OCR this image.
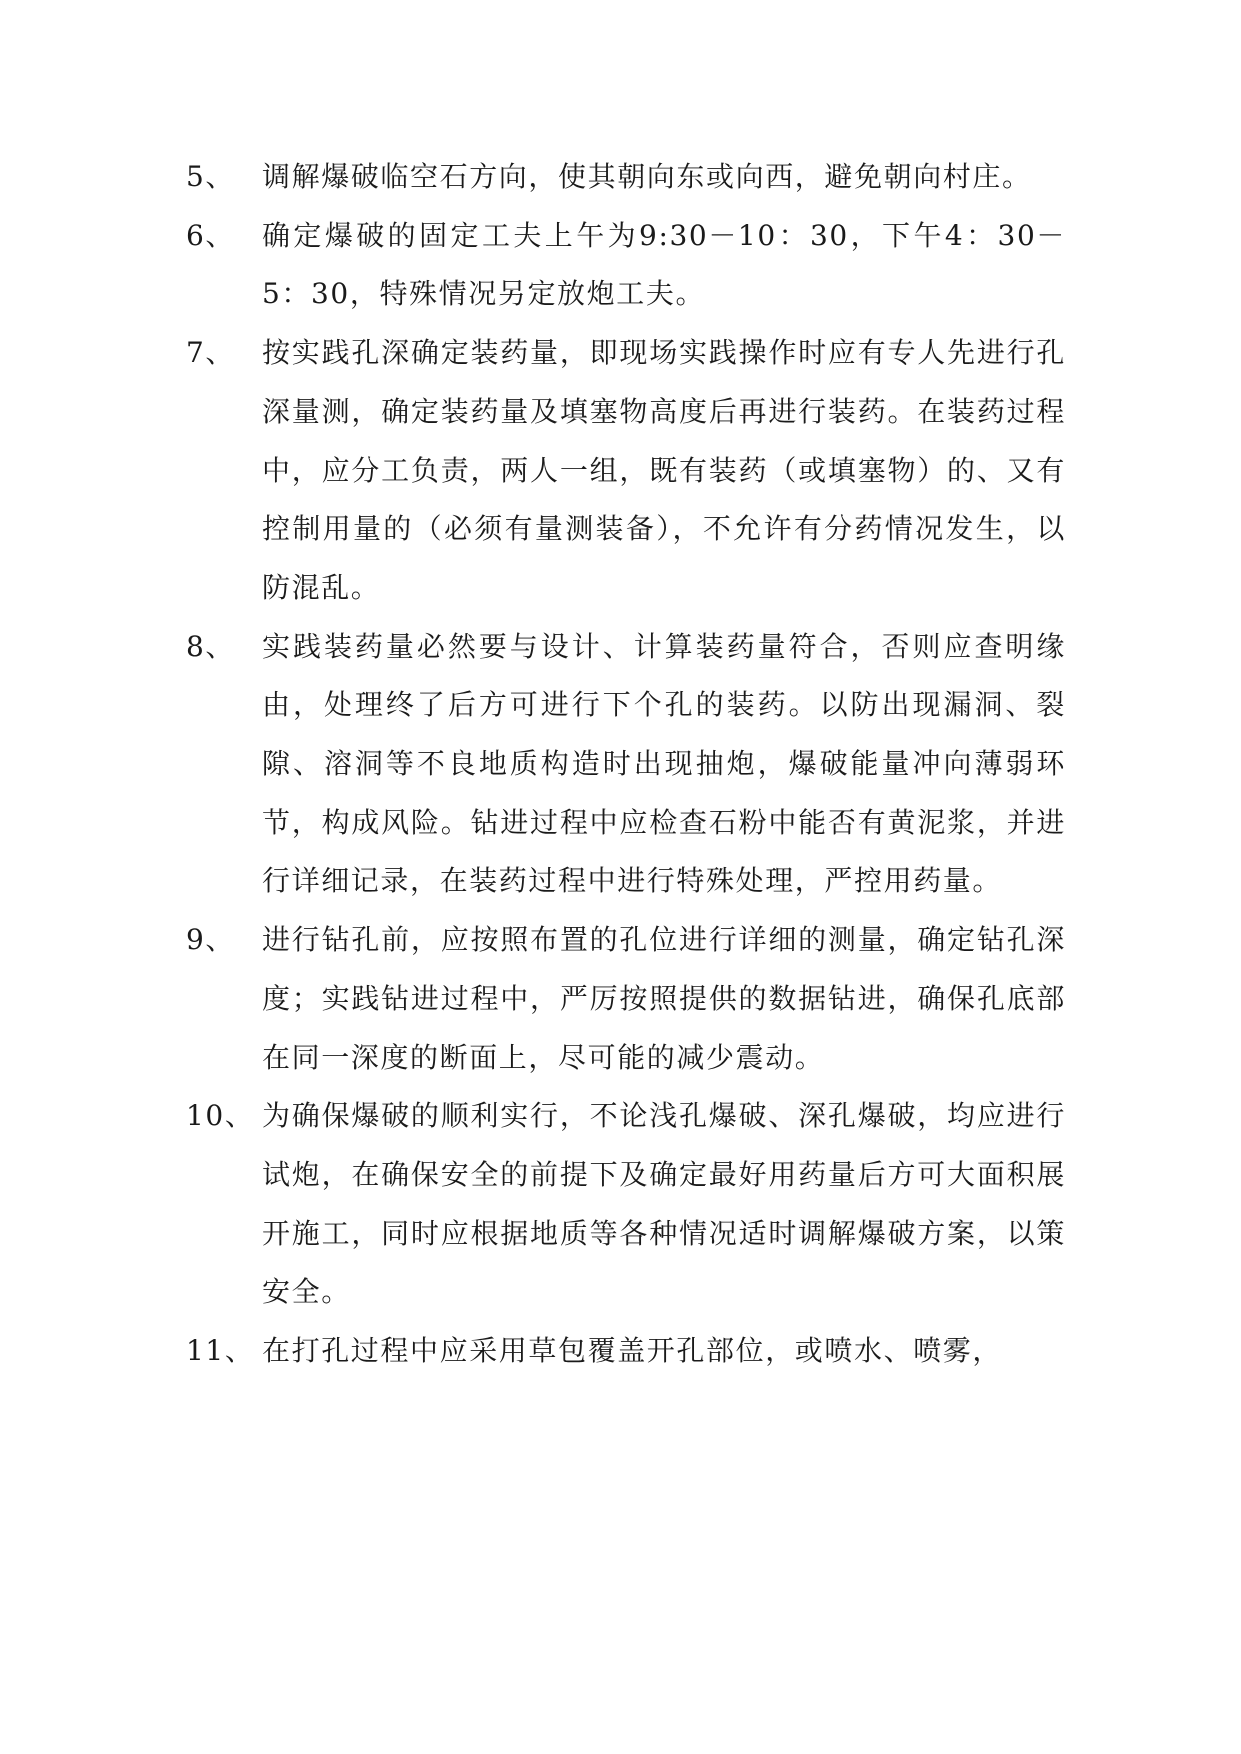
5、 调解爆破临空石方向，使其朝向东或向西，避免朝向村庄。
6、 确定爆破的固定工夫上午为9:30－10：30，下午4：30－5：30，特殊情况另定放炮工夫。
7、 按实践孔深确定装药量，即现场实践操作时应有专人先进行孔深量测，确定装药量及填塞物高度后再进行装药。在装药过程中，应分工负责，两人一组，既有装药（或填塞物）的、又有控制用量的（必须有量测装备），不允许有分药情况发生，以防混乱。
8、 实践装药量必然要与设计、计算装药量符合，否则应查明缘由，处理终了后方可进行下个孔的装药。以防出现漏洞、裂隙、溶洞等不良地质构造时出现抽炮，爆破能量冲向薄弱环节，构成风险。钻进过程中应检查石粉中能否有黄泥浆，并进行详细记录，在装药过程中进行特殊处理，严控用药量。
9、 进行钻孔前，应按照布置的孔位进行详细的测量，确定钻孔深度；实践钻进过程中，严厉按照提供的数据钻进，确保孔底部在同一深度的断面上，尽可能的减少震动。
10、 为确保爆破的顺利实行，不论浅孔爆破、深孔爆破，均应进行试炮，在确保安全的前提下及确定最好用药量后方可大面积展开施工，同时应根据地质等各种情况适时调解爆破方案，以策安全。
11、 在打孔过程中应采用草包覆盖开孔部位，或喷水、喷雾，
